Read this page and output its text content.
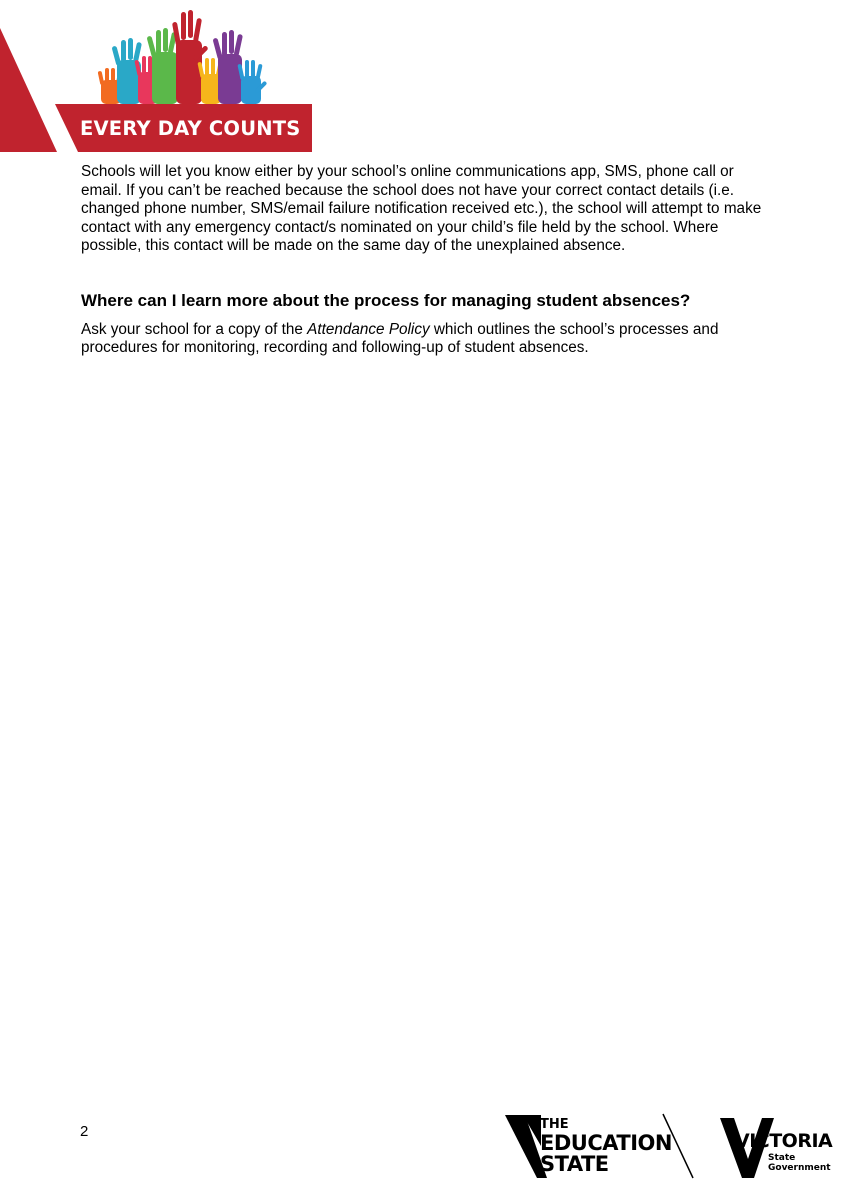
EVERY DAY COUNTS

Schools will let you know either by your school’s online communications app, SMS, phone call or email. If you can’t be reached because the school does not have your correct contact details (i.e. changed phone number, SMS/email failure notification received etc.), the school will attempt to make contact with any emergency contact/s nominated on your child’s file held by the school. Where possible, this contact will be made on the same day of the unexplained absence.

Where can I learn more about the process for managing student absences?

Ask your school for a copy of the Attendance Policy which outlines the school’s processes and procedures for monitoring, recording and following-up of student absences.

2	THE
EDUCATION
STATE
VICTORIA
State
Government
